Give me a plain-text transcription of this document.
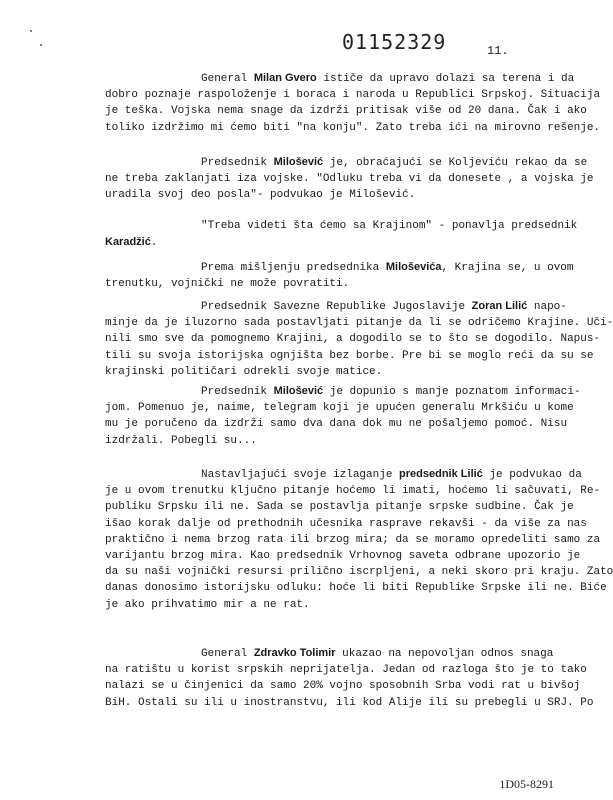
01152329	11.

General Milan Gvero ističe da upravo dolazi sa terena i da
dobro poznaje raspoloženje i boraca i naroda u Republici Srpskoj. Situacija
je teška. Vojska nema snage da izdrži pritisak više od 20 dana. Čak i ako
toliko izdržimo mi ćemo biti "na konju". Zato treba ići na mirovno rešenje.

Predsednik Milošević je, obraćajući se Koljeviću rekao da se
ne treba zaklanjati iza vojske. "Odluku treba vi da donesete , a vojska je
uradila svoj deo posla"- podvukao je Milošević.

"Treba videti šta ćemo sa Krajinom" - ponavlja predsednik
Karadžić.

Prema mišljenju predsednika Miloševića, Krajina se, u ovom
trenutku, vojnički ne može povratiti.

Predsednik Savezne Republike Jugoslavije Zoran Lilić napo-
minje da je iluzorno sada postavljati pitanje da li se odričemo Krajine. Uči-
nili smo sve da pomognemo Krajini, a dogodilo se to što se dogodilo. Napus-
tili su svoja istorijska ognjišta bez borbe. Pre bi se moglo reći da su se
krajinski političari odrekli svoje matice.

Predsednik Milošević je dopunio s manje poznatom informaci-
jom. Pomenuo je, naime, telegram koji je upućen generalu Mrkšiću u kome
mu je poručeno da izdrži samo dva dana dok mu ne pošaljemo pomoć. Nisu
izdržali. Pobegli su...

Nastavljajući svoje izlaganje predsednik Lilić je podvukao da
je u ovom trenutku ključno pitanje hoćemo li imati, hoćemo li sačuvati, Re-
publiku Srpsku ili ne. Sada se postavlja pitanje srpske sudbine. Čak je
išao korak dalje od prethodnih učesnika rasprave rekavši - da više za nas
praktično i nema brzog rata ili brzog mira; da se moramo opredeliti samo za
varijantu brzog mira. Kao predsednik Vrhovnog saveta odbrane upozorio je
da su naši vojnički resursi prilično iscrpljeni, a neki skoro pri kraju. Zato
danas donosimo istorijsku odluku: hoće li biti Republike Srpske ili ne. Biće
je ako prihvatimo mir a ne rat.

General Zdravko Tolimir ukazao na nepovoljan odnos snaga
na ratištu u korist srpskih neprijatelja. Jedan od razloga što je to tako
nalazi se u činjenici da samo 20% vojno sposobnih Srba vodi rat u bivšoj
BiH. Ostali su ili u inostranstvu, ili kod Alije ili su prebegli u SRJ. Po

1D05-8291
